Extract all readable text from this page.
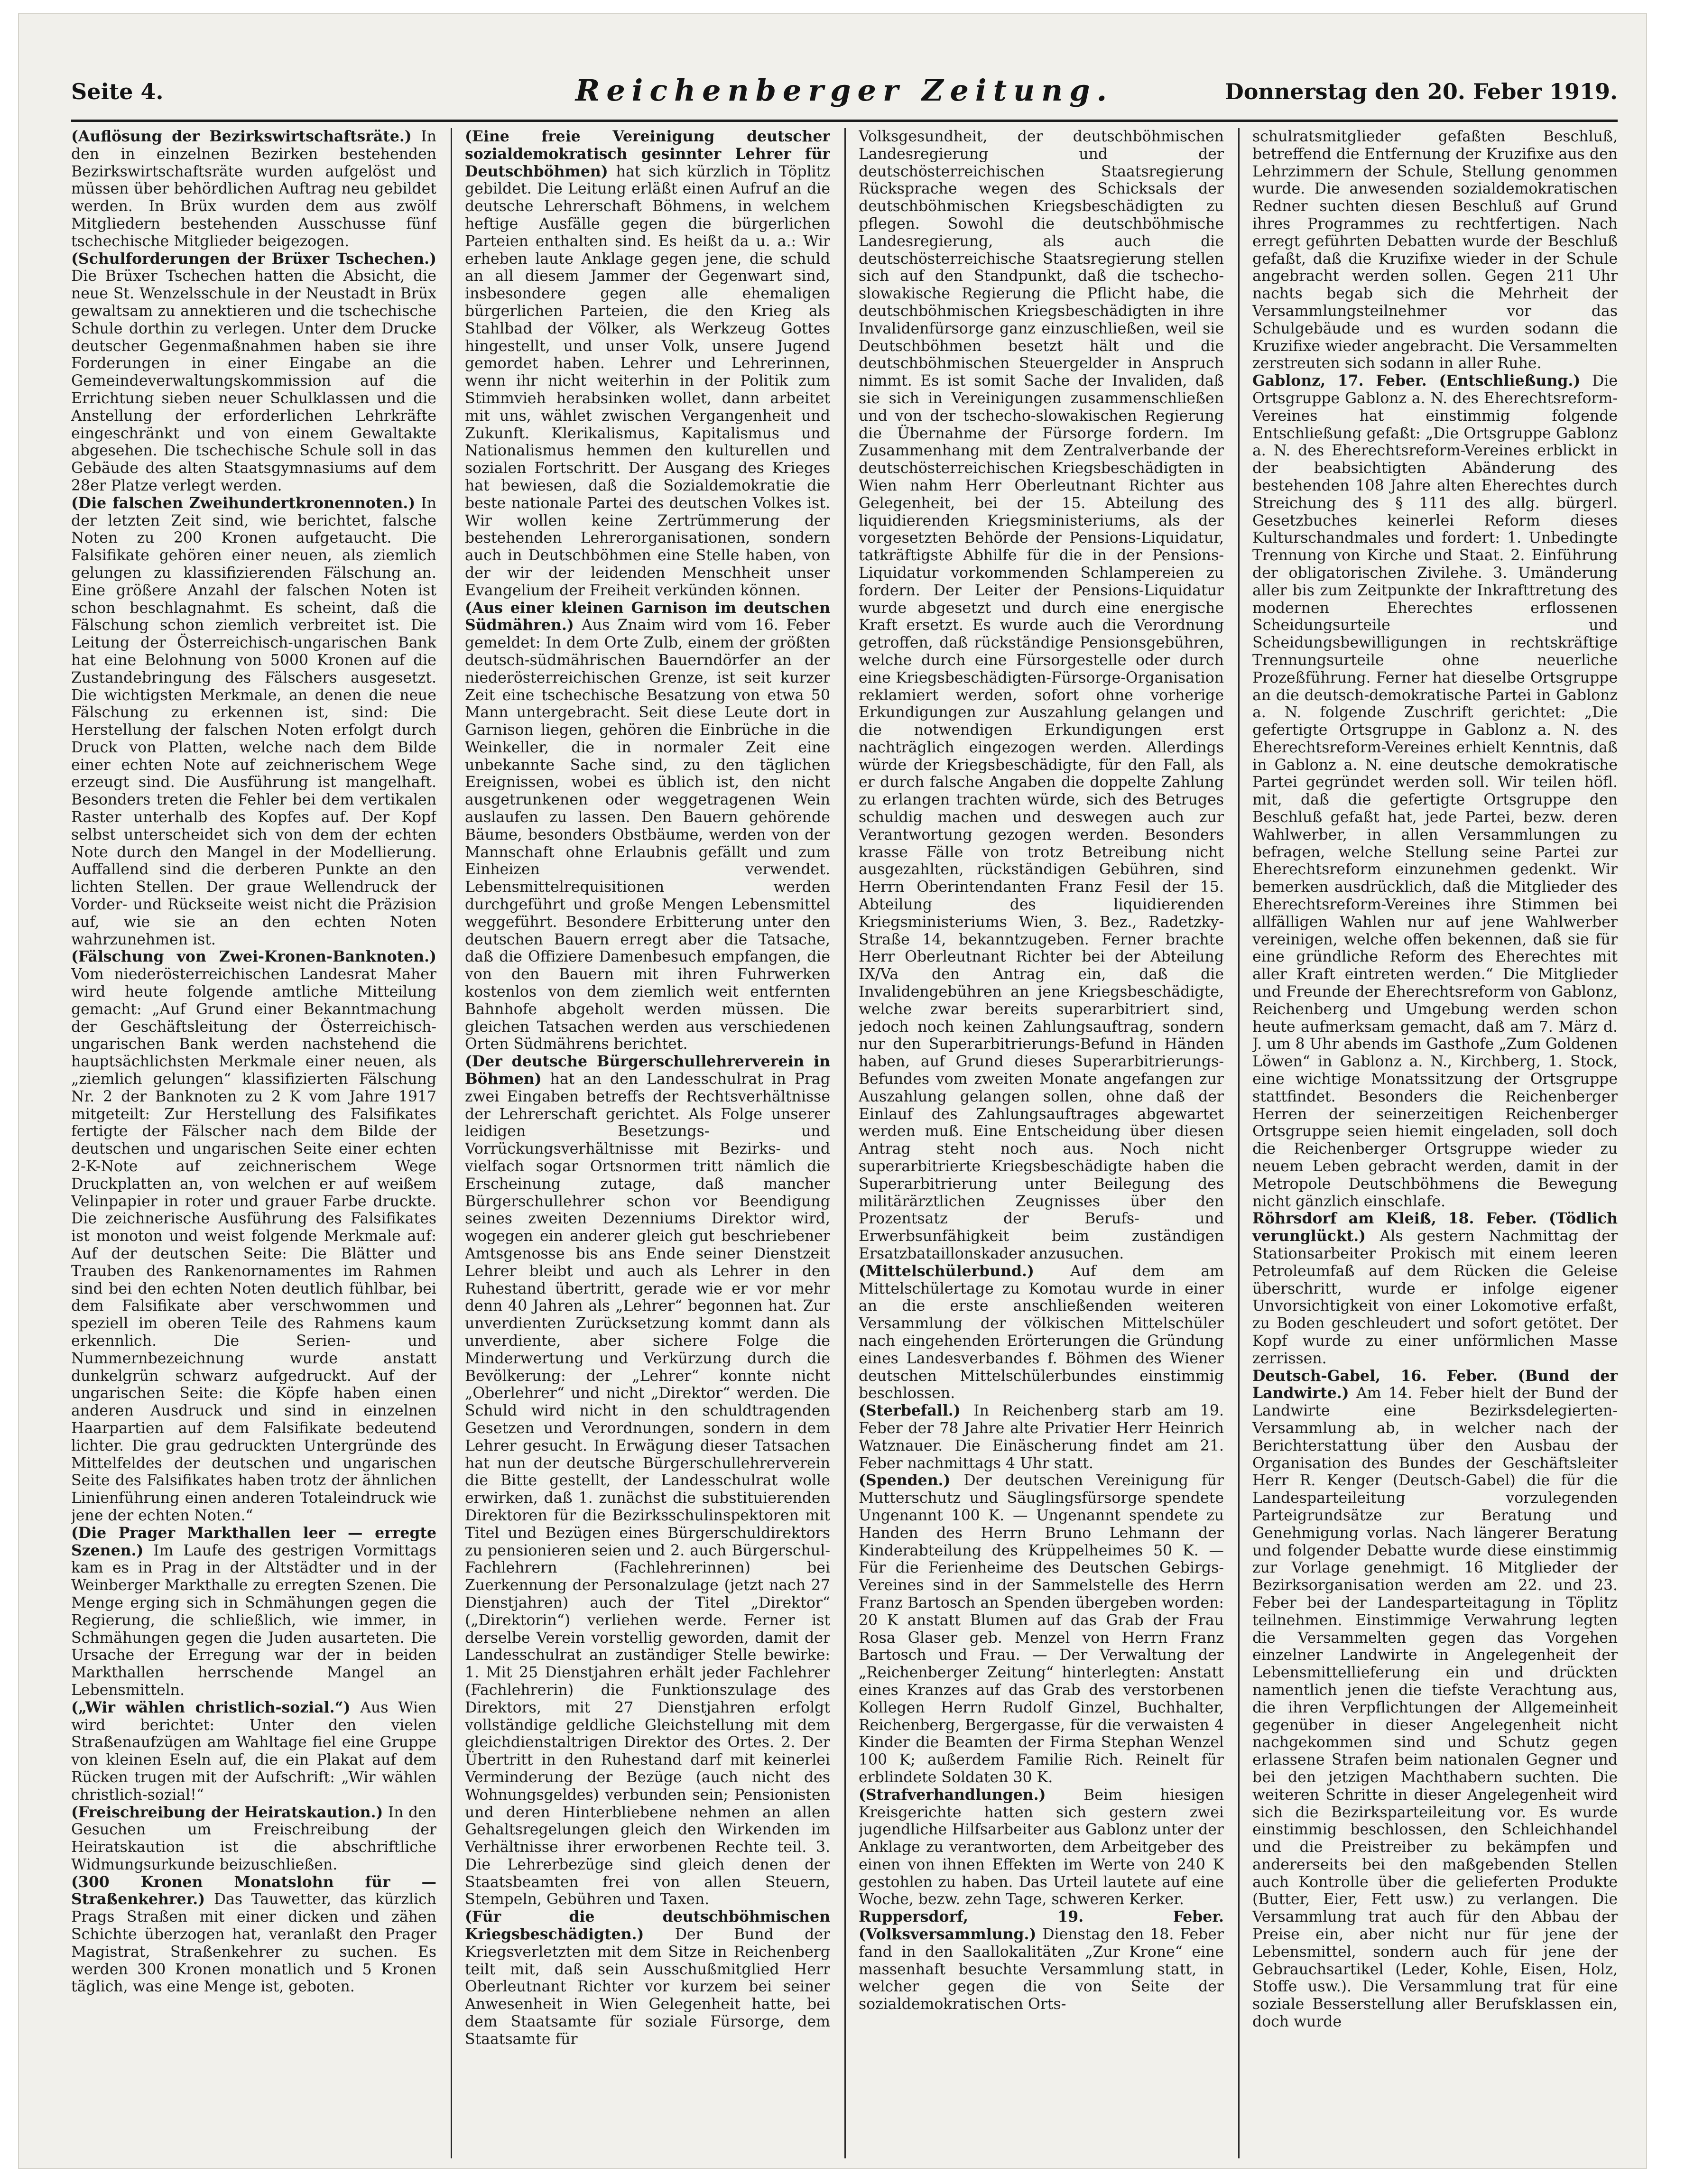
Seite 4.	Reichenberger Zeitung.	Donnerstag den 20. Feber 1919.

(Auflösung der Bezirkswirtschaftsräte.) In den in einzelnen Bezirken bestehenden Bezirkswirtschaftsräte wurden aufgelöst und müssen über behördlichen Auftrag neu gebildet werden. In Brüx wurden dem aus zwölf Mitgliedern bestehenden Ausschusse fünf tschechische Mitglieder beigezogen.

(Schulforderungen der Brüxer Tschechen.) Die Brüxer Tschechen hatten die Absicht, die neue St. Wenzelsschule in der Neustadt in Brüx gewaltsam zu annektieren und die tschechische Schule dorthin zu verlegen. Unter dem Drucke deutscher Gegenmaßnahmen haben sie ihre Forderungen in einer Eingabe an die Gemeindeverwaltungskommission auf die Errichtung sieben neuer Schulklassen und die Anstellung der erforderlichen Lehrkräfte eingeschränkt und von einem Gewaltakte abgesehen. Die tschechische Schule soll in das Gebäude des alten Staatsgymnasiums auf dem 28er Platze verlegt werden.

(Die falschen Zweihundertkronennoten.) In der letzten Zeit sind, wie berichtet, falsche Noten zu 200 Kronen aufgetaucht. Die Falsifikate gehören einer neuen, als ziemlich gelungen zu klassifizierenden Fälschung an. Eine größere Anzahl der falschen Noten ist schon beschlagnahmt. Es scheint, daß die Fälschung schon ziemlich verbreitet ist. Die Leitung der Österreichisch-ungarischen Bank hat eine Belohnung von 5000 Kronen auf die Zustandebringung des Fälschers ausgesetzt. Die wichtigsten Merkmale, an denen die neue Fälschung zu erkennen ist, sind: Die Herstellung der falschen Noten erfolgt durch Druck von Platten, welche nach dem Bilde einer echten Note auf zeichnerischem Wege erzeugt sind. Die Ausführung ist mangelhaft. Besonders treten die Fehler bei dem vertikalen Raster unterhalb des Kopfes auf. Der Kopf selbst unterscheidet sich von dem der echten Note durch den Mangel in der Modellierung. Auffallend sind die derberen Punkte an den lichten Stellen. Der graue Wellendruck der Vorder- und Rückseite weist nicht die Präzision auf, wie sie an den echten Noten wahrzunehmen ist.

(Fälschung von Zwei-Kronen-Banknoten.) Vom niederösterreichischen Landesrat Maher wird heute folgende amtliche Mitteilung gemacht: „Auf Grund einer Bekanntmachung der Geschäftsleitung der Österreichisch-ungarischen Bank werden nachstehend die hauptsächlichsten Merkmale einer neuen, als „ziemlich gelungen“ klassifizierten Fälschung Nr. 2 der Banknoten zu 2 K vom Jahre 1917 mitgeteilt: Zur Herstellung des Falsifikates fertigte der Fälscher nach dem Bilde der deutschen und ungarischen Seite einer echten 2-K-Note auf zeichnerischem Wege Druckplatten an, von welchen er auf weißem Velinpapier in roter und grauer Farbe druckte. Die zeichnerische Ausführung des Falsifikates ist monoton und weist folgende Merkmale auf: Auf der deutschen Seite: Die Blätter und Trauben des Rankenornamentes im Rahmen sind bei den echten Noten deutlich fühlbar, bei dem Falsifikate aber verschwommen und speziell im oberen Teile des Rahmens kaum erkennlich. Die Serien- und Nummernbezeichnung wurde anstatt dunkelgrün schwarz aufgedruckt. Auf der ungarischen Seite: die Köpfe haben einen anderen Ausdruck und sind in einzelnen Haarpartien auf dem Falsifikate bedeutend lichter. Die grau gedruckten Untergründe des Mittelfeldes der deutschen und ungarischen Seite des Falsifikates haben trotz der ähnlichen Linienführung einen anderen Totaleindruck wie jene der echten Noten.“

(Die Prager Markthallen leer — erregte Szenen.) Im Laufe des gestrigen Vormittags kam es in Prag in der Altstädter und in der Weinberger Markthalle zu erregten Szenen. Die Menge erging sich in Schmähungen gegen die Regierung, die schließlich, wie immer, in Schmähungen gegen die Juden ausarteten. Die Ursache der Erregung war der in beiden Markthallen herrschende Mangel an Lebensmitteln.

(„Wir wählen christlich-sozial.“) Aus Wien wird berichtet: Unter den vielen Straßenaufzügen am Wahltage fiel eine Gruppe von kleinen Eseln auf, die ein Plakat auf dem Rücken trugen mit der Aufschrift: „Wir wählen christlich-sozial!“

(Freischreibung der Heiratskaution.) In den Gesuchen um Freischreibung der Heiratskaution ist die abschriftliche Widmungsurkunde beizuschließen.

(300 Kronen Monatslohn für — Straßenkehrer.) Das Tauwetter, das kürzlich Prags Straßen mit einer dicken und zähen Schichte überzogen hat, veranlaßt den Prager Magistrat, Straßenkehrer zu suchen. Es werden 300 Kronen monatlich und 5 Kronen täglich, was eine Menge ist, geboten.

(Eine freie Vereinigung deutscher sozialdemokratisch gesinnter Lehrer für Deutschböhmen) hat sich kürzlich in Töplitz gebildet. Die Leitung erläßt einen Aufruf an die deutsche Lehrerschaft Böhmens, in welchem heftige Ausfälle gegen die bürgerlichen Parteien enthalten sind. Es heißt da u. a.: Wir erheben laute Anklage gegen jene, die schuld an all diesem Jammer der Gegenwart sind, insbesondere gegen alle ehemaligen bürgerlichen Parteien, die den Krieg als Stahlbad der Völker, als Werkzeug Gottes hingestellt, und unser Volk, unsere Jugend gemordet haben. Lehrer und Lehrerinnen, wenn ihr nicht weiterhin in der Politik zum Stimmvieh herabsinken wollet, dann arbeitet mit uns, wählet zwischen Vergangenheit und Zukunft. Klerikalismus, Kapitalismus und Nationalismus hemmen den kulturellen und sozialen Fortschritt. Der Ausgang des Krieges hat bewiesen, daß die Sozialdemokratie die beste nationale Partei des deutschen Volkes ist. Wir wollen keine Zertrümmerung der bestehenden Lehrerorganisationen, sondern auch in Deutschböhmen eine Stelle haben, von der wir der leidenden Menschheit unser Evangelium der Freiheit verkünden können.

(Aus einer kleinen Garnison im deutschen Südmähren.) Aus Znaim wird vom 16. Feber gemeldet: In dem Orte Zulb, einem der größten deutsch-südmährischen Bauerndörfer an der niederösterreichischen Grenze, ist seit kurzer Zeit eine tschechische Besatzung von etwa 50 Mann untergebracht. Seit diese Leute dort in Garnison liegen, gehören die Einbrüche in die Weinkeller, die in normaler Zeit eine unbekannte Sache sind, zu den täglichen Ereignissen, wobei es üblich ist, den nicht ausgetrunkenen oder weggetragenen Wein auslaufen zu lassen. Den Bauern gehörende Bäume, besonders Obstbäume, werden von der Mannschaft ohne Erlaubnis gefällt und zum Einheizen verwendet. Lebensmittelrequisitionen werden durchgeführt und große Mengen Lebensmittel weggeführt. Besondere Erbitterung unter den deutschen Bauern erregt aber die Tatsache, daß die Offiziere Damenbesuch empfangen, die von den Bauern mit ihren Fuhrwerken kostenlos von dem ziemlich weit entfernten Bahnhofe abgeholt werden müssen. Die gleichen Tatsachen werden aus verschiedenen Orten Südmährens berichtet.

(Der deutsche Bürgerschullehrerverein in Böhmen) hat an den Landesschulrat in Prag zwei Eingaben betreffs der Rechtsverhältnisse der Lehrerschaft gerichtet. Als Folge unserer leidigen Besetzungs- und Vorrückungsverhältnisse mit Bezirks- und vielfach sogar Ortsnormen tritt nämlich die Erscheinung zutage, daß mancher Bürgerschullehrer schon vor Beendigung seines zweiten Dezenniums Direktor wird, wogegen ein anderer gleich gut beschriebener Amtsgenosse bis ans Ende seiner Dienstzeit Lehrer bleibt und auch als Lehrer in den Ruhestand übertritt, gerade wie er vor mehr denn 40 Jahren als „Lehrer“ begonnen hat. Zur unverdienten Zurücksetzung kommt dann als unverdiente, aber sichere Folge die Minderwertung und Verkürzung durch die Bevölkerung: der „Lehrer“ konnte nicht „Oberlehrer“ und nicht „Direktor“ werden. Die Schuld wird nicht in den schuldtragenden Gesetzen und Verordnungen, sondern in dem Lehrer gesucht. In Erwägung dieser Tatsachen hat nun der deutsche Bürgerschullehrerverein die Bitte gestellt, der Landesschulrat wolle erwirken, daß 1. zunächst die substituierenden Direktoren für die Bezirksschulinspektoren mit Titel und Bezügen eines Bürgerschuldirektors zu pensionieren seien und 2. auch Bürgerschul-Fachlehrern (Fachlehrerinnen) bei Zuerkennung der Personalzulage (jetzt nach 27 Dienstjahren) auch der Titel „Direktor“ („Direktorin“) verliehen werde. Ferner ist derselbe Verein vorstellig geworden, damit der Landesschulrat an zuständiger Stelle bewirke: 1. Mit 25 Dienstjahren erhält jeder Fachlehrer (Fachlehrerin) die Funktionszulage des Direktors, mit 27 Dienstjahren erfolgt vollständige geldliche Gleichstellung mit dem gleichdienstaltrigen Direktor des Ortes. 2. Der Übertritt in den Ruhestand darf mit keinerlei Verminderung der Bezüge (auch nicht des Wohnungsgeldes) verbunden sein; Pensionisten und deren Hinterbliebene nehmen an allen Gehaltsregelungen gleich den Wirkenden im Verhältnisse ihrer erworbenen Rechte teil. 3. Die Lehrerbezüge sind gleich denen der Staatsbeamten frei von allen Steuern, Stempeln, Gebühren und Taxen.

(Für die deutschböhmischen Kriegsbeschädigten.) Der Bund der Kriegsverletzten mit dem Sitze in Reichenberg teilt mit, daß sein Ausschußmitglied Herr Oberleutnant Richter vor kurzem bei seiner Anwesenheit in Wien Gelegenheit hatte, bei dem Staatsamte für soziale Fürsorge, dem Staatsamte für

Volksgesundheit, der deutschböhmischen Landesregierung und der deutschösterreichischen Staatsregierung Rücksprache wegen des Schicksals der deutschböhmischen Kriegsbeschädigten zu pflegen. Sowohl die deutschböhmische Landesregierung, als auch die deutschösterreichische Staatsregierung stellen sich auf den Standpunkt, daß die tschecho-slowakische Regierung die Pflicht habe, die deutschböhmischen Kriegsbeschädigten in ihre Invalidenfürsorge ganz einzuschließen, weil sie Deutschböhmen besetzt hält und die deutschböhmischen Steuergelder in Anspruch nimmt. Es ist somit Sache der Invaliden, daß sie sich in Vereinigungen zusammenschließen und von der tschecho-slowakischen Regierung die Übernahme der Fürsorge fordern. Im Zusammenhang mit dem Zentralverbande der deutschösterreichischen Kriegsbeschädigten in Wien nahm Herr Oberleutnant Richter aus Gelegenheit, bei der 15. Abteilung des liquidierenden Kriegsministeriums, als der vorgesetzten Behörde der Pensions-Liquidatur, tatkräftigste Abhilfe für die in der Pensions-Liquidatur vorkommenden Schlampereien zu fordern. Der Leiter der Pensions-Liquidatur wurde abgesetzt und durch eine energische Kraft ersetzt. Es wurde auch die Verordnung getroffen, daß rückständige Pensionsgebühren, welche durch eine Fürsorgestelle oder durch eine Kriegsbeschädigten-Fürsorge-Organisation reklamiert werden, sofort ohne vorherige Erkundigungen zur Auszahlung gelangen und die notwendigen Erkundigungen erst nachträglich eingezogen werden. Allerdings würde der Kriegsbeschädigte, für den Fall, als er durch falsche Angaben die doppelte Zahlung zu erlangen trachten würde, sich des Betruges schuldig machen und deswegen auch zur Verantwortung gezogen werden. Besonders krasse Fälle von trotz Betreibung nicht ausgezahlten, rückständigen Gebühren, sind Herrn Oberintendanten Franz Fesil der 15. Abteilung des liquidierenden Kriegsministeriums Wien, 3. Bez., Radetzky-Straße 14, bekanntzugeben. Ferner brachte Herr Oberleutnant Richter bei der Abteilung IX/Va den Antrag ein, daß die Invalidengebühren an jene Kriegsbeschädigte, welche zwar bereits superarbitriert sind, jedoch noch keinen Zahlungsauftrag, sondern nur den Superarbitrierungs-Befund in Händen haben, auf Grund dieses Superarbitrierungs-Befundes vom zweiten Monate angefangen zur Auszahlung gelangen sollen, ohne daß der Einlauf des Zahlungsauftrages abgewartet werden muß. Eine Entscheidung über diesen Antrag steht noch aus. Noch nicht superarbitrierte Kriegsbeschädigte haben die Superarbitrierung unter Beilegung des militärärztlichen Zeugnisses über den Prozentsatz der Berufs- und Erwerbsunfähigkeit beim zuständigen Ersatzbataillonskader anzusuchen.

(Mittelschülerbund.) Auf dem am Mittelschülertage zu Komotau wurde in einer an die erste anschließenden weiteren Versammlung der völkischen Mittelschüler nach eingehenden Erörterungen die Gründung eines Landesverbandes f. Böhmen des Wiener deutschen Mittelschülerbundes einstimmig beschlossen.

(Sterbefall.) In Reichenberg starb am 19. Feber der 78 Jahre alte Privatier Herr Heinrich Watznauer. Die Einäscherung findet am 21. Feber nachmittags 4 Uhr statt.

(Spenden.) Der deutschen Vereinigung für Mutterschutz und Säuglingsfürsorge spendete Ungenannt 100 K. — Ungenannt spendete zu Handen des Herrn Bruno Lehmann der Kinderabteilung des Krüppelheimes 50 K. — Für die Ferienheime des Deutschen Gebirgs-Vereines sind in der Sammelstelle des Herrn Franz Bartosch an Spenden übergeben worden: 20 K anstatt Blumen auf das Grab der Frau Rosa Glaser geb. Menzel von Herrn Franz Bartosch und Frau. — Der Verwaltung der „Reichenberger Zeitung“ hinterlegten: Anstatt eines Kranzes auf das Grab des verstorbenen Kollegen Herrn Rudolf Ginzel, Buchhalter, Reichenberg, Bergergasse, für die verwaisten 4 Kinder die Beamten der Firma Stephan Wenzel 100 K; außerdem Familie Rich. Reinelt für erblindete Soldaten 30 K.

(Strafverhandlungen.)	Beim hiesigen Kreisgerichte hatten sich gestern zwei jugendliche Hilfsarbeiter aus Gablonz unter der Anklage zu verantworten, dem Arbeitgeber des einen von ihnen Effekten im Werte von 240 K gestohlen zu haben. Das Urteil lautete auf eine Woche, bezw. zehn Tage, schweren Kerker.

Ruppersdorf, 19. Feber. (Volksversammlung.) Dienstag den 18. Feber fand in den Saallokalitäten „Zur Krone“ eine massenhaft besuchte Versammlung statt, in welcher gegen die von Seite der sozialdemokratischen Orts-

schulratsmitglieder gefaßten Beschluß, betreffend die Entfernung der Kruzifixe aus den Lehrzimmern der Schule, Stellung genommen wurde. Die anwesenden sozialdemokratischen Redner suchten diesen Beschluß auf Grund ihres Programmes zu rechtfertigen. Nach erregt geführten Debatten wurde der Beschluß gefaßt, daß die Kruzifixe wieder in der Schule angebracht werden sollen. Gegen 211 Uhr nachts begab sich die Mehrheit der Versammlungsteilnehmer vor das Schulgebäude und es wurden sodann die Kruzifixe wieder angebracht. Die Versammelten zerstreuten sich sodann in aller Ruhe.

Gablonz, 17. Feber. (Entschließung.) Die Ortsgruppe Gablonz a. N. des Eherechtsreform-Vereines hat einstimmig folgende Entschließung gefaßt: „Die Ortsgruppe Gablonz a. N. des Eherechtsreform-Vereines erblickt in der beabsichtigten Abänderung des bestehenden 108 Jahre alten Eherechtes durch Streichung des § 111 des allg. bürgerl. Gesetzbuches keinerlei Reform dieses Kulturschandmales und fordert: 1. Unbedingte Trennung von Kirche und Staat. 2. Einführung der obligatorischen Zivilehe. 3. Umänderung aller bis zum Zeitpunkte der Inkrafttretung des modernen Eherechtes erflossenen Scheidungsurteile und Scheidungsbewilligungen in rechtskräftige Trennungsurteile ohne neuerliche Prozeßführung. Ferner hat dieselbe Ortsgruppe an die deutsch-demokratische Partei in Gablonz a. N. folgende Zuschrift gerichtet: „Die gefertigte Ortsgruppe in Gablonz a. N. des Eherechtsreform-Vereines erhielt Kenntnis, daß in Gablonz a. N. eine deutsche demokratische Partei gegründet werden soll. Wir teilen höfl. mit, daß die gefertigte Ortsgruppe den Beschluß gefaßt hat, jede Partei, bezw. deren Wahlwerber, in allen Versammlungen zu befragen, welche Stellung seine Partei zur Eherechtsreform einzunehmen gedenkt. Wir bemerken ausdrücklich, daß die Mitglieder des Eherechtsreform-Vereines ihre Stimmen bei allfälligen Wahlen nur auf jene Wahlwerber vereinigen, welche offen bekennen, daß sie für eine gründliche Reform des Eherechtes mit aller Kraft eintreten werden.“ Die Mitglieder und Freunde der Eherechtsreform von Gablonz, Reichenberg und Umgebung werden schon heute aufmerksam gemacht, daß am 7. März d. J. um 8 Uhr abends im Gasthofe „Zum Goldenen Löwen“ in Gablonz a. N., Kirchberg, 1. Stock, eine wichtige Monatssitzung der Ortsgruppe stattfindet. Besonders die Reichenberger Herren der seinerzeitigen Reichenberger Ortsgruppe seien hiemit eingeladen, soll doch die Reichenberger Ortsgruppe wieder zu neuem Leben gebracht werden, damit in der Metropole Deutschböhmens die Bewegung nicht gänzlich einschlafe.

Röhrsdorf am Kleiß, 18. Feber. (Tödlich verunglückt.) Als gestern Nachmittag der Stationsarbeiter Prokisch mit einem leeren Petroleumfaß auf dem Rücken die Geleise überschritt, wurde er infolge eigener Unvorsichtigkeit von einer Lokomotive erfaßt, zu Boden geschleudert und sofort getötet. Der Kopf wurde zu einer unförmlichen Masse zerrissen.

Deutsch-Gabel, 16. Feber. (Bund der Landwirte.) Am 14. Feber hielt der Bund der Landwirte eine Bezirksdelegierten-Versammlung ab, in welcher nach der Berichterstattung über den Ausbau der Organisation des Bundes der Geschäftsleiter Herr R. Kenger (Deutsch-Gabel) die für die Landesparteileitung vorzulegenden Parteigrundsätze zur Beratung und Genehmigung vorlas. Nach längerer Beratung und folgender Debatte wurde diese einstimmig zur Vorlage genehmigt. 16 Mitglieder der Bezirksorganisation werden am 22. und 23. Feber bei der Landesparteitagung in Töplitz teilnehmen. Einstimmige Verwahrung legten die Versammelten gegen das Vorgehen einzelner Landwirte in Angelegenheit der Lebensmittellieferung ein und drückten namentlich jenen die tiefste Verachtung aus, die ihren Verpflichtungen der Allgemeinheit gegenüber in dieser Angelegenheit nicht nachgekommen sind und Schutz gegen erlassene Strafen beim nationalen Gegner und bei den jetzigen Machthabern suchten. Die weiteren Schritte in dieser Angelegenheit wird sich die Bezirksparteileitung vor. Es wurde einstimmig beschlossen, den Schleichhandel und die Preistreiber zu bekämpfen und andererseits bei den maßgebenden Stellen auch Kontrolle über die gelieferten Produkte (Butter, Eier, Fett usw.) zu verlangen. Die Versammlung trat auch für den Abbau der Preise ein, aber nicht nur für jene der Lebensmittel, sondern auch für jene der Gebrauchsartikel (Leder, Kohle, Eisen, Holz, Stoffe usw.). Die Versammlung trat für eine soziale Besserstellung aller Berufsklassen ein, doch wurde
